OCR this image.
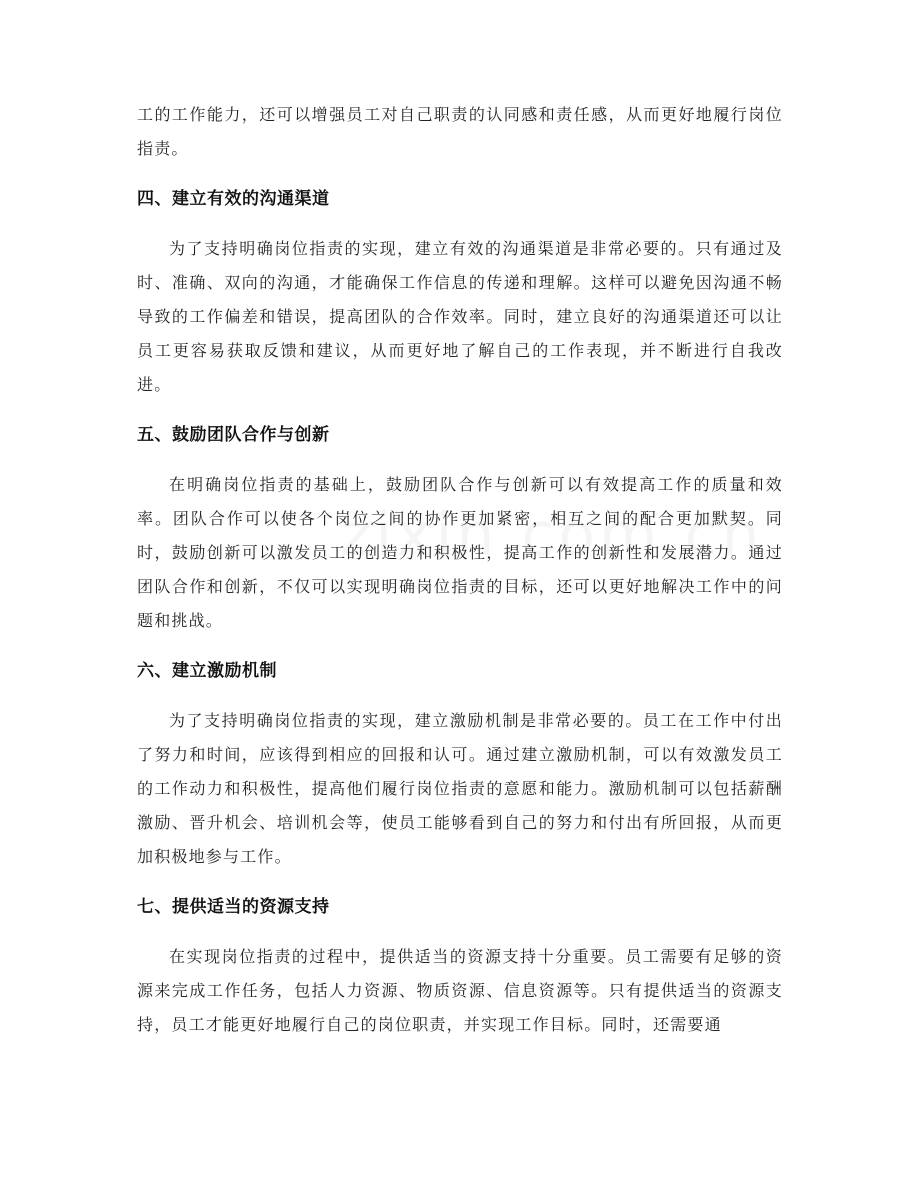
工的工作能力，还可以增强员工对自己职责的认同感和责任感，从而更好地履行岗位指责。

四、建立有效的沟通渠道

为了支持明确岗位指责的实现，建立有效的沟通渠道是非常必要的。只有通过及时、准确、双向的沟通，才能确保工作信息的传递和理解。这样可以避免因沟通不畅导致的工作偏差和错误，提高团队的合作效率。同时，建立良好的沟通渠道还可以让员工更容易获取反馈和建议，从而更好地了解自己的工作表现，并不断进行自我改进。

五、鼓励团队合作与创新

在明确岗位指责的基础上，鼓励团队合作与创新可以有效提高工作的质量和效率。团队合作可以使各个岗位之间的协作更加紧密，相互之间的配合更加默契。同时，鼓励创新可以激发员工的创造力和积极性，提高工作的创新性和发展潜力。通过团队合作和创新，不仅可以实现明确岗位指责的目标，还可以更好地解决工作中的问题和挑战。

六、建立激励机制

为了支持明确岗位指责的实现，建立激励机制是非常必要的。员工在工作中付出了努力和时间，应该得到相应的回报和认可。通过建立激励机制，可以有效激发员工的工作动力和积极性，提高他们履行岗位指责的意愿和能力。激励机制可以包括薪酬激励、晋升机会、培训机会等，使员工能够看到自己的努力和付出有所回报，从而更加积极地参与工作。

七、提供适当的资源支持

在实现岗位指责的过程中，提供适当的资源支持十分重要。员工需要有足够的资源来完成工作任务，包括人力资源、物质资源、信息资源等。只有提供适当的资源支持，员工才能更好地履行自己的岗位职责，并实现工作目标。同时，还需要通
